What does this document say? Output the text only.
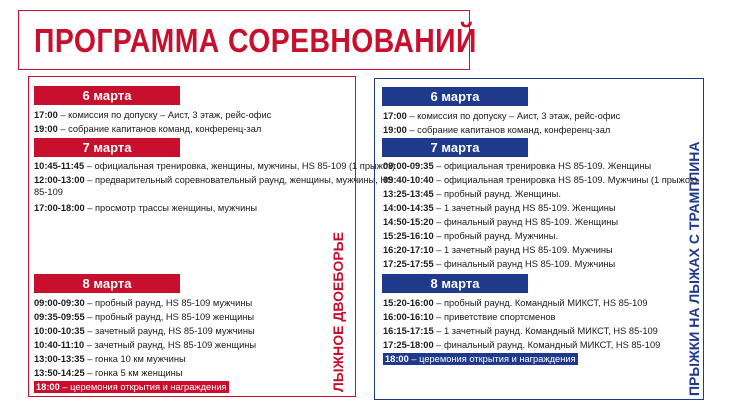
ПРОГРАММА СОРЕВНОВАНИЙ
ЛЫЖНОЕ ДВОЕБОРЬЕ
6 марта
17:00 – комиссия по допуску – Аист, 3 этаж, рейс-офис
19:00 – собрание капитанов команд, конференц-зал
7 марта
10:45-11:45 – официальная тренировка, женщины, мужчины, HS 85-109 (1 прыжок)
12:00-13:00 – предварительный соревновательный раунд, женщины, мужчины, HS
85-109
17:00-18:00 – просмотр трассы женщины, мужчины
8 марта
09:00-09:30 – пробный раунд, HS 85-109 мужчины
09:35-09:55 – пробный раунд, HS 85-109 женщины
10:00-10:35 – зачетный раунд, HS 85-109 мужчины
10:40-11:10 – зачетный раунд, HS 85-109 женщины
13:00-13:35 – гонка 10 км мужчины
13:50-14:25 – гонка 5 км женщины
18:00 – церемония открытия и награждения	ПРЫЖКИ НА ЛЫЖАХ С ТРАМПЛИНА
6 марта
17:00 – комиссия по допуску – Аист, 3 этаж, рейс-офис
19:00 – собрание капитанов команд, конференц-зал
7 марта
09:00-09:35 – официальная тренировка HS 85-109. Женщины
09:40-10:40 – официальная тренировка HS 85-109. Мужчины (1 прыжок)
13:25-13:45 – пробный раунд. Женщины.
14:00-14:35 – 1 зачетный раунд HS 85-109. Женщины
14:50-15:20 – финальный раунд HS 85-109. Женщины
15:25-16:10 – пробный раунд. Мужчины.
16:20-17:10 – 1 зачетный раунд HS 85-109. Мужчины
17:25-17:55 – финальный раунд HS 85-109. Мужчины
8 марта
15:20-16:00 – пробный раунд. Командный МИКСТ, HS 85-109
16:00-16:10 – приветствие спортсменов
16:15-17:15 – 1 зачетный раунд. Командный МИКСТ, HS 85-109
17:25-18:00 – финальный раунд. Командный МИКСТ, HS 85-109
18:00 – церемония открытия и награждения
